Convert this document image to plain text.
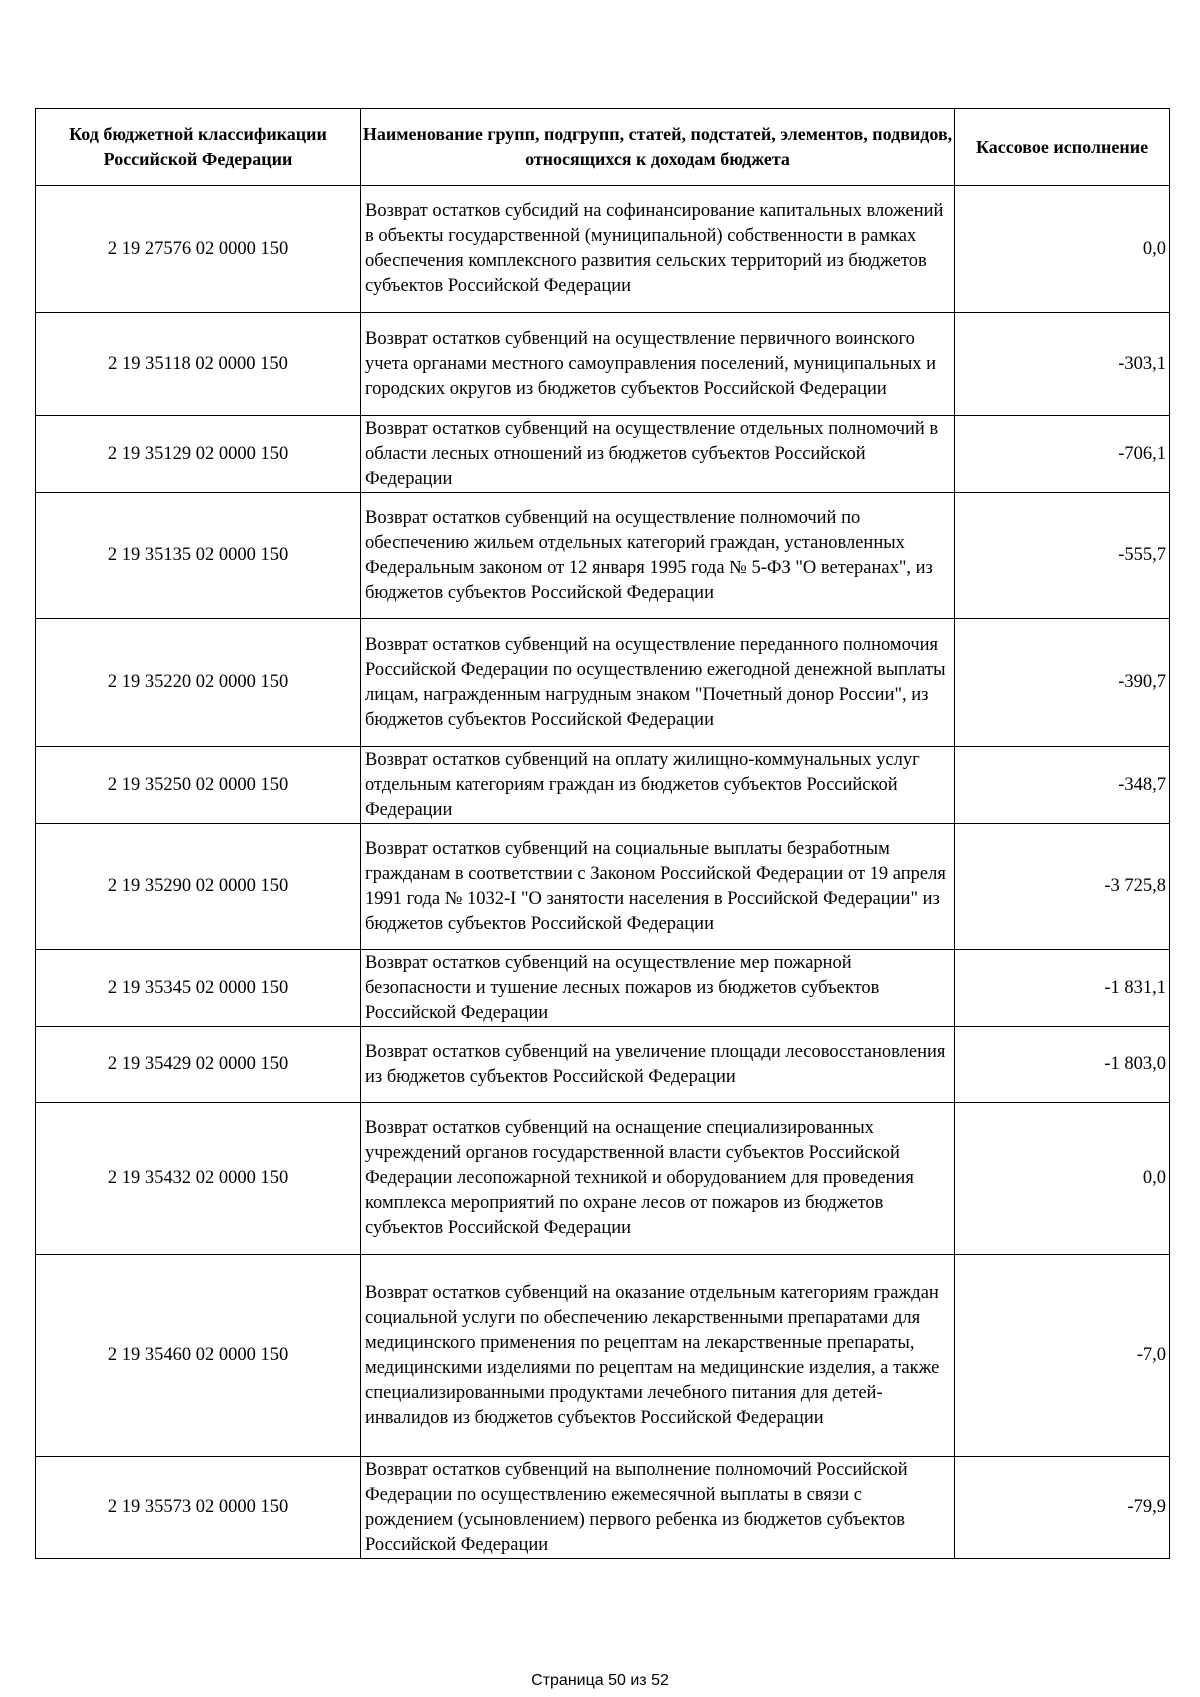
Код бюджетной классификации Российской Федерации	Наименование групп, подгрупп, статей, подстатей, элементов, подвидов, относящихся к доходам бюджета	Кассовое исполнение
2 19 27576 02 0000 150	Возврат остатков субсидий на софинансирование капитальных вложений в объекты государственной (муниципальной) собственности в рамках обеспечения комплексного развития сельских территорий из бюджетов субъектов Российской Федерации	0,0
2 19 35118 02 0000 150	Возврат остатков субвенций на осуществление первичного воинского учета органами местного самоуправления поселений, муниципальных и городских округов из бюджетов субъектов Российской Федерации	-303,1
2 19 35129 02 0000 150	Возврат остатков субвенций на осуществление отдельных полномочий в области лесных отношений из бюджетов субъектов Российской Федерации	-706,1
2 19 35135 02 0000 150	Возврат остатков субвенций на осуществление полномочий по обеспечению жильем отдельных категорий граждан, установленных Федеральным законом от 12 января 1995 года № 5-ФЗ "О ветеранах", из бюджетов субъектов Российской Федерации	-555,7
2 19 35220 02 0000 150	Возврат остатков субвенций на осуществление переданного полномочия Российской Федерации по осуществлению ежегодной денежной выплаты лицам, награжденным нагрудным знаком "Почетный донор России", из бюджетов субъектов Российской Федерации	-390,7
2 19 35250 02 0000 150	Возврат остатков субвенций на оплату жилищно-коммунальных услуг отдельным категориям граждан из бюджетов субъектов Российской Федерации	-348,7
2 19 35290 02 0000 150	Возврат остатков субвенций на социальные выплаты безработным гражданам в соответствии с Законом Российской Федерации от 19 апреля 1991 года № 1032-I "О занятости населения в Российской Федерации" из бюджетов субъектов Российской Федерации	-3 725,8
2 19 35345 02 0000 150	Возврат остатков субвенций на осуществление мер пожарной безопасности и тушение лесных пожаров из бюджетов субъектов Российской Федерации	-1 831,1
2 19 35429 02 0000 150	Возврат остатков субвенций на увеличение площади лесовосстановления из бюджетов субъектов Российской Федерации	-1 803,0
2 19 35432 02 0000 150	Возврат остатков субвенций на оснащение специализированных учреждений органов государственной власти субъектов Российской Федерации лесопожарной техникой и оборудованием для проведения комплекса мероприятий по охране лесов от пожаров из бюджетов субъектов Российской Федерации	0,0
2 19 35460 02 0000 150	Возврат остатков субвенций на оказание отдельным категориям граждан социальной услуги по обеспечению лекарственными препаратами для медицинского применения по рецептам на лекарственные препараты, медицинскими изделиями по рецептам на медицинские изделия, а также специализированными продуктами лечебного питания для детей-инвалидов из бюджетов субъектов Российской Федерации	-7,0
2 19 35573 02 0000 150	Возврат остатков субвенций на выполнение полномочий Российской Федерации по осуществлению ежемесячной выплаты в связи с рождением (усыновлением) первого ребенка из бюджетов субъектов Российской Федерации	-79,9
Страница 50 из 52
